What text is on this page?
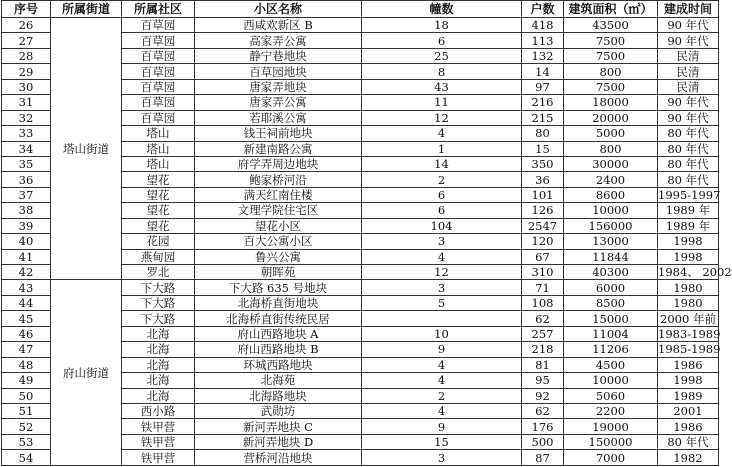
序号	所属街道	所属社区	小区名称	幢数	户数	建筑面积（㎡）	建成时间
26	塔山街道	百草园	西咸欢新区 B	18	418	43500	90 年代
27		百草园	高家弄公寓	6	113	7500	90 年代
28		百草园	静宁巷地块	25	132	7500	民清
29		百草园	百草园地块	8	14	800	民清
30		百草园	唐家弄地块	43	97	7500	民清
31		百草园	唐家弄公寓	11	216	18000	90 年代
32		百草园	若耶溪公寓	12	215	20000	90 年代
33		塔山	钱王祠前地块	4	80	5000	80 年代
34		塔山	新建南路公寓	1	15	800	80 年代
35		塔山	府学弄周边地块	14	350	30000	80 年代
36		望花	鲍家桥河沿	2	36	2400	80 年代
37		望花	满天红南住楼	6	101	8600	1995-1997
38		望花	文理学院住宅区	6	126	10000	1989 年
39		望花	望花小区	104	2547	156000	1989 年
40		花园	百大公寓小区	3	120	13000	1998
41		燕甸园	鲁兴公寓	4	67	11844	1998
42		罗北	朝晖苑	12	310	40300	1984、 2002
43	府山街道	下大路	下大路 635 号地块	3	71	6000	1980
44		下大路	北海桥直街地块	5	108	8500	1980
45		下大路	北海桥直街传统民居		62	15000	2000 年前
46		北海	府山西路地块 A	10	257	11004	1983-1989
47		北海	府山西路地块 B	9	218	11206	1985-1989
48		北海	环城西路地块	4	81	4500	1986
49		北海	北海苑	4	95	10000	1998
50		北海	北海路地块	2	92	5060	1989
51		西小路	武勋坊	4	62	2200	2001
52		铁甲营	新河弄地块 C	9	176	19000	1986
53		铁甲营	新河弄地块 D	15	500	150000	80 年代
54		铁甲营	营桥河沿地块	3	87	7000	1982
